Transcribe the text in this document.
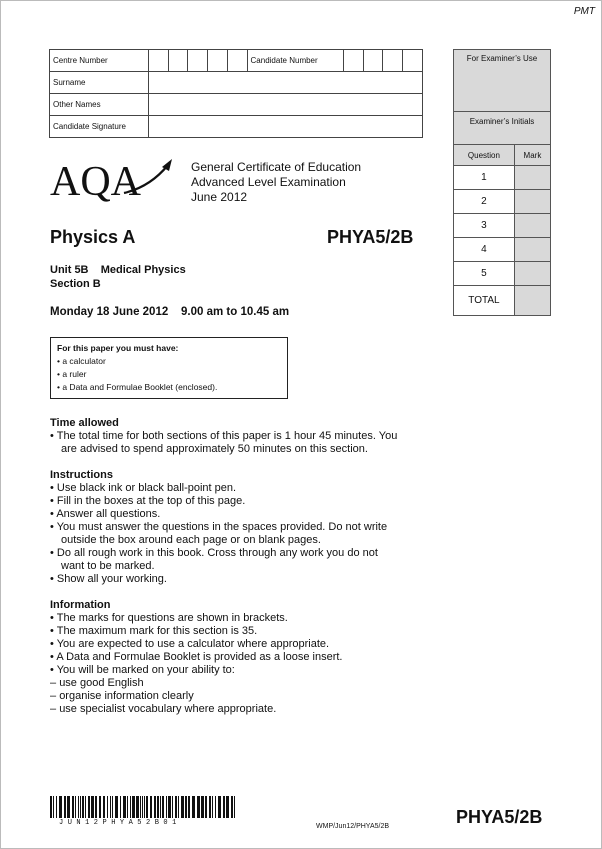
PMT
Centre Number						Candidate Number				
Surname										
Other Names										
Candidate Signature										
For Examiner’s Use	
Examiner’s Initials	
Question	Mark
1	
2	
3	
4	
5	
TOTAL	
AQA	General Certificate of Education
Advanced Level Examination
June 2012
Physics A	PHYA5/2B
Unit 5B    Medical Physics
Section B
Monday 18 June 2012    9.00 am to 10.45 am
For this paper you must have:
• a calculator
• a ruler
• a Data and Formulae Booklet (enclosed).
Time allowed
• The total time for both sections of this paper is 1 hour 45 minutes. You are advised to spend approximately 50 minutes on this section.
Instructions
• Use black ink or black ball-point pen.
• Fill in the boxes at the top of this page.
• Answer all questions.
• You must answer the questions in the spaces provided. Do not write outside the box around each page or on blank pages.
• Do all rough work in this book. Cross through any work you do not want to be marked.
• Show all your working.
Information
• The marks for questions are shown in brackets.
• The maximum mark for this section is 35.
• You are expected to use a calculator where appropriate.
• A Data and Formulae Booklet is provided as a loose insert.
• You will be marked on your ability to:
– use good English
– organise information clearly
– use specialist vocabulary where appropriate.
JUN12PHYA52B01	WMP/Jun12/PHYA5/2B	PHYA5/2B
